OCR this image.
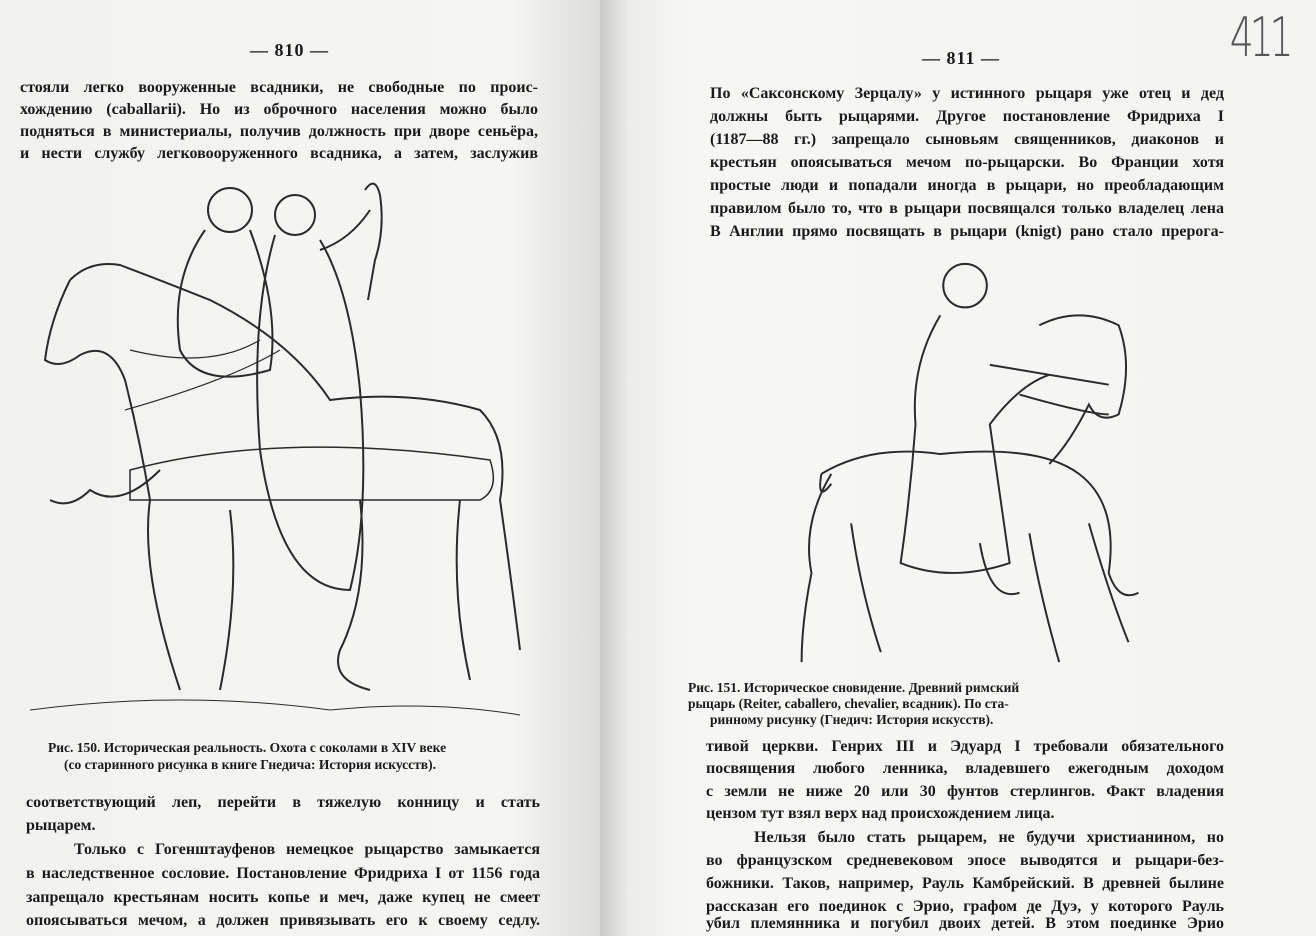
— 810 —
стояли легко вооруженные всадники, не свободные по проис-
хождению (caballarii). Но из оброчного населения можно было
подняться в министериалы, получив должность при дворе сеньёра,
и нести службу легковооруженного всадника, а затем, заслужив
Рис. 150. Историческая реальность. Охота с соколами в XIV веке
(со старинного рисунка в книге Гнедича: История искусств).
соответствующий леп, перейти в тяжелую конницу и стать
рыцарем.
Только с Гогенштауфенов немецкое рыцарство замыкается
в наследственное сословие. Постановление Фридриха I от 1156 года
запрещало крестьянам носить копье и меч, даже купец не смеет
опоясываться мечом, а должен привязывать его к своему седлу.
— 811 —	411
По «Саксонскому Зерцалу» у истинного рыцаря уже отец и дед
должны быть рыцарями. Другое постановление Фридриха I
(1187—88 гг.) запрещало сыновьям священников, диаконов и
крестьян опоясываться мечом по-рыцарски. Во Франции хотя
простые люди и попадали иногда в рыцари, но преобладающим
правилом было то, что в рыцари посвящался только владелец лена
В Англии прямо посвящать в рыцари (knigt) рано стало прерога-
Рис. 151. Историческое сновидение. Древний римский
рыцарь (Reiter, caballero, chevalier, всадник). По ста-
ринному рисунку (Гнедич: История искусств).
тивой церкви. Генрих III и Эдуард I требовали обязательного
посвящения любого ленника, владевшего ежегодным доходом
с земли не ниже 20 или 30 фунтов стерлингов. Факт владения
цензом тут взял верх над происхождением лица.
Нельзя было стать рыцарем, не будучи христианином, но
во французском средневековом эпосе выводятся и рыцари-без-
божники. Таков, например, Рауль Камбрейский. В древней былине
рассказан его поединок с Эрио, графом де Дуэ, у которого Рауль
убил племянника и погубил двоих детей. В этом поединке Эрио
